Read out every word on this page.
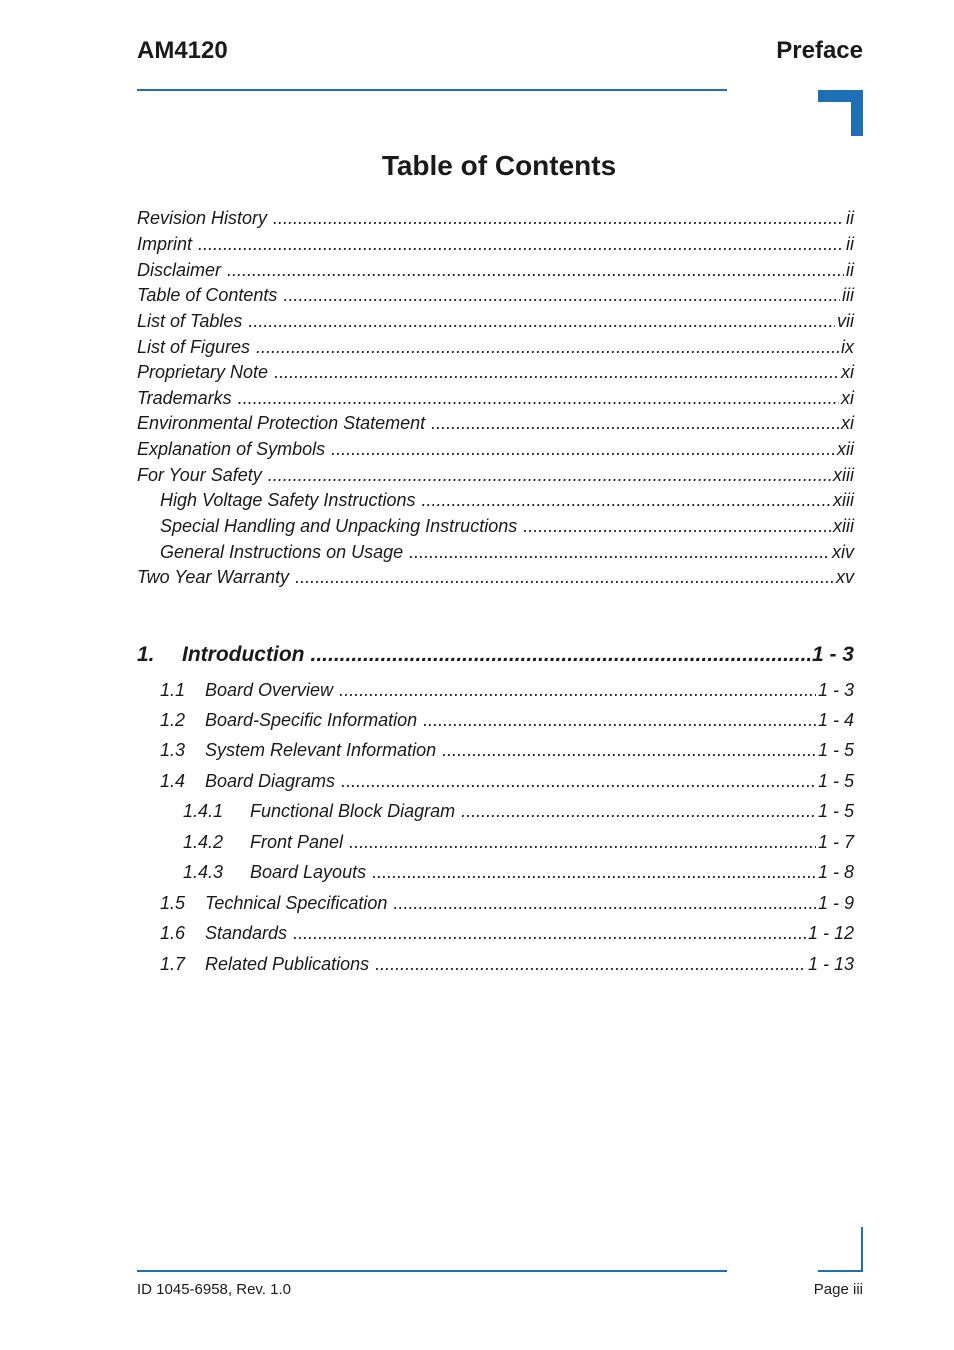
AM4120	Preface
Table of Contents
Revision History .....	ii
Imprint .....	ii
Disclaimer .....	ii
Table of Contents .....	iii
List of Tables .....	vii
List of Figures .....	ix
Proprietary Note .....	xi
Trademarks .....	xi
Environmental Protection Statement .....	xi
Explanation of Symbols .....	xii
For Your Safety .....	xiii
High Voltage Safety Instructions .....	xiii
Special Handling and Unpacking Instructions .....	xiii
General Instructions on Usage .....	xiv
Two Year Warranty .....	xv
1.	Introduction .....	1 - 3
1.1	Board Overview .....	1 - 3
1.2	Board-Specific Information .....	1 - 4
1.3	System Relevant Information .....	1 - 5
1.4	Board Diagrams .....	1 - 5
1.4.1	Functional Block Diagram .....	1 - 5
1.4.2	Front Panel .....	1 - 7
1.4.3	Board Layouts .....	1 - 8
1.5	Technical Specification .....	1 - 9
1.6	Standards .....	1 - 12
1.7	Related Publications .....	1 - 13
ID 1045-6958, Rev. 1.0	Page iii
